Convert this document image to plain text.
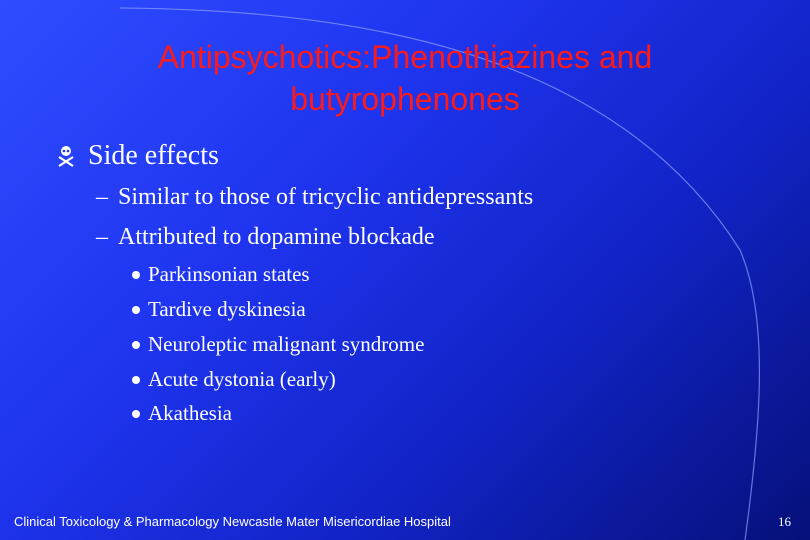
Antipsychotics:Phenothiazines and butyrophenones
Side effects
– Similar to those of tricyclic antidepressants
– Attributed to dopamine blockade
Parkinsonian states
Tardive dyskinesia
Neuroleptic malignant syndrome
Acute dystonia (early)
Akathesia
Clinical Toxicology & Pharmacology Newcastle Mater Misericordiae Hospital	16
